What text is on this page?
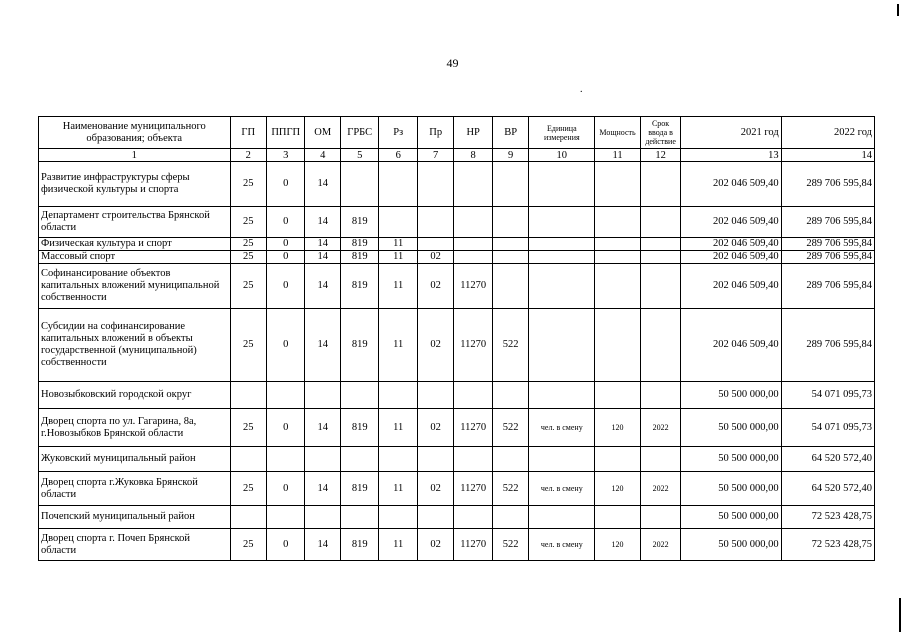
49
.
Наименование муниципального образования; объекта	ГП	ППГП	ОМ	ГРБС	Рз	Пр	НР	ВР	Единица измерения	Мощность	Срок ввода в действие	2021 год	2022 год
1	2	3	4	5	6	7	8	9	10	11	12	13	14
Развитие инфраструктуры сферы физической культуры и спорта	25	0	14									202 046 509,40	289 706 595,84
Департамент строительства Брянской области	25	0	14	819								202 046 509,40	289 706 595,84
Физическая культура и спорт	25	0	14	819	11							202 046 509,40	289 706 595,84
Массовый спорт	25	0	14	819	11	02						202 046 509,40	289 706 595,84
Софинансирование объектов капитальных вложений муниципальной собственности	25	0	14	819	11	02	11270					202 046 509,40	289 706 595,84
Субсидии на софинансирование капитальных вложений в объекты государственной (муниципальной) собственности	25	0	14	819	11	02	11270	522				202 046 509,40	289 706 595,84
Новозыбковский городской округ												50 500 000,00	54 071 095,73
Дворец спорта по ул. Гагарина, 8а, г.Новозыбков Брянской области	25	0	14	819	11	02	11270	522	чел. в смену	120	2022	50 500 000,00	54 071 095,73
Жуковский муниципальный район												50 500 000,00	64 520 572,40
Дворец спорта г.Жуковка Брянской области	25	0	14	819	11	02	11270	522	чел. в смену	120	2022	50 500 000,00	64 520 572,40
Почепский муниципальный район												50 500 000,00	72 523 428,75
Дворец спорта г. Почеп Брянской области	25	0	14	819	11	02	11270	522	чел. в смену	120	2022	50 500 000,00	72 523 428,75
